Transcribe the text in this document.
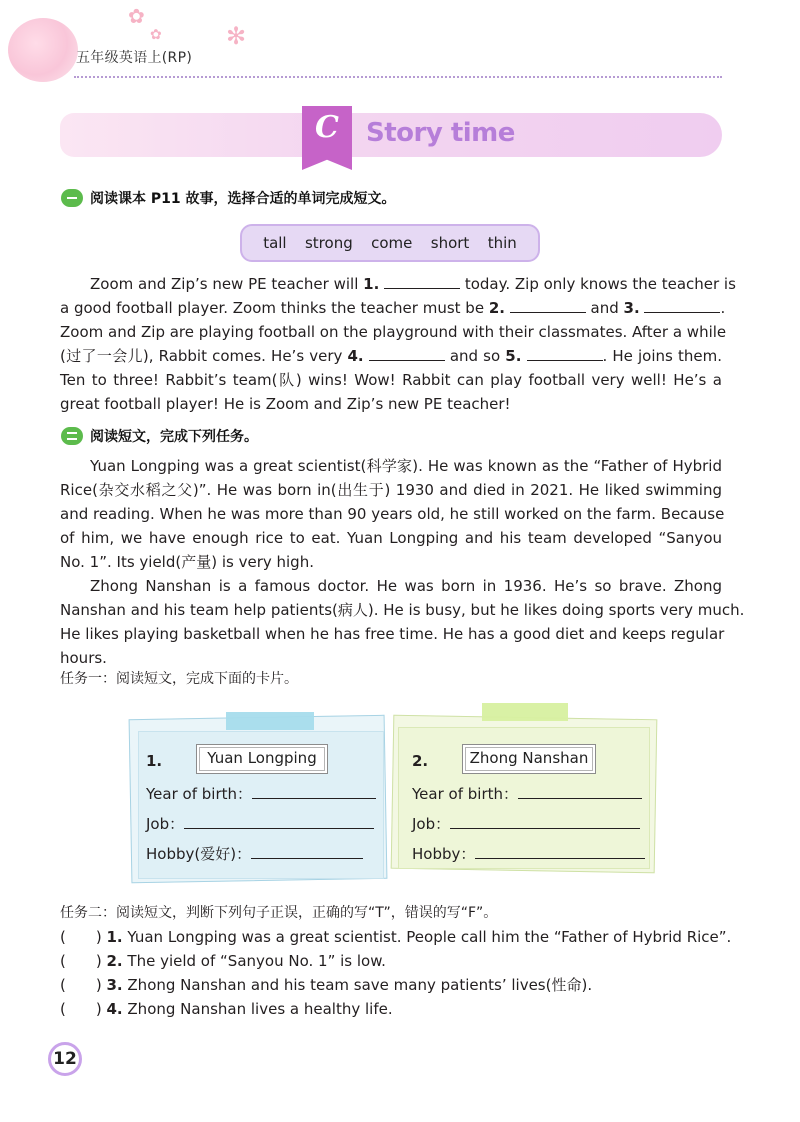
✿
✻
✿
五年级英语上(RP)
C	Story time
阅读课本 P11 故事，选择合适的单词完成短文。
tall strong come short thin
Zoom and Zip’s new PE teacher will 1.	today. Zip only knows the teacher is
a good football player. Zoom thinks the teacher must be 2.	and 3.	.
Zoom and Zip are playing football on the playground with their classmates. After a while
(过了一会儿), Rabbit comes. He’s very 4.	and so 5.	. He joins them.
Ten to three! Rabbit’s team(队) wins! Wow! Rabbit can play football very well! He’s a
great football player! He is Zoom and Zip’s new PE teacher!
阅读短文，完成下列任务。
Yuan Longping was a great scientist(科学家). He was known as the “Father of Hybrid
Rice(杂交水稻之父)”. He was born in(出生于) 1930 and died in 2021. He liked swimming
and reading. When he was more than 90 years old, he still worked on the farm. Because
of him, we have enough rice to eat. Yuan Longping and his team developed “Sanyou
No. 1”. Its yield(产量) is very high.
Zhong Nanshan is a famous doctor. He was born in 1936. He’s so brave. Zhong
Nanshan and his team help patients(病人). He is busy, but he likes doing sports very much.
He likes playing basketball when he has free time. He has a good diet and keeps regular
hours.
任务一：阅读短文，完成下面的卡片。
1.	Yuan Longping
Year of birth：
Job：
Hobby(爱好)：
2.	Zhong Nanshan
Year of birth：
Job：
Hobby：
任务二：阅读短文，判断下列句子正误，正确的写“T”，错误的写“F”。
(　　) 1. Yuan Longping was a great scientist. People call him the “Father of Hybrid Rice”.
(　　) 2. The yield of “Sanyou No. 1” is low.
(　　) 3. Zhong Nanshan and his team save many patients’ lives(性命).
(　　) 4. Zhong Nanshan lives a healthy life.
12
